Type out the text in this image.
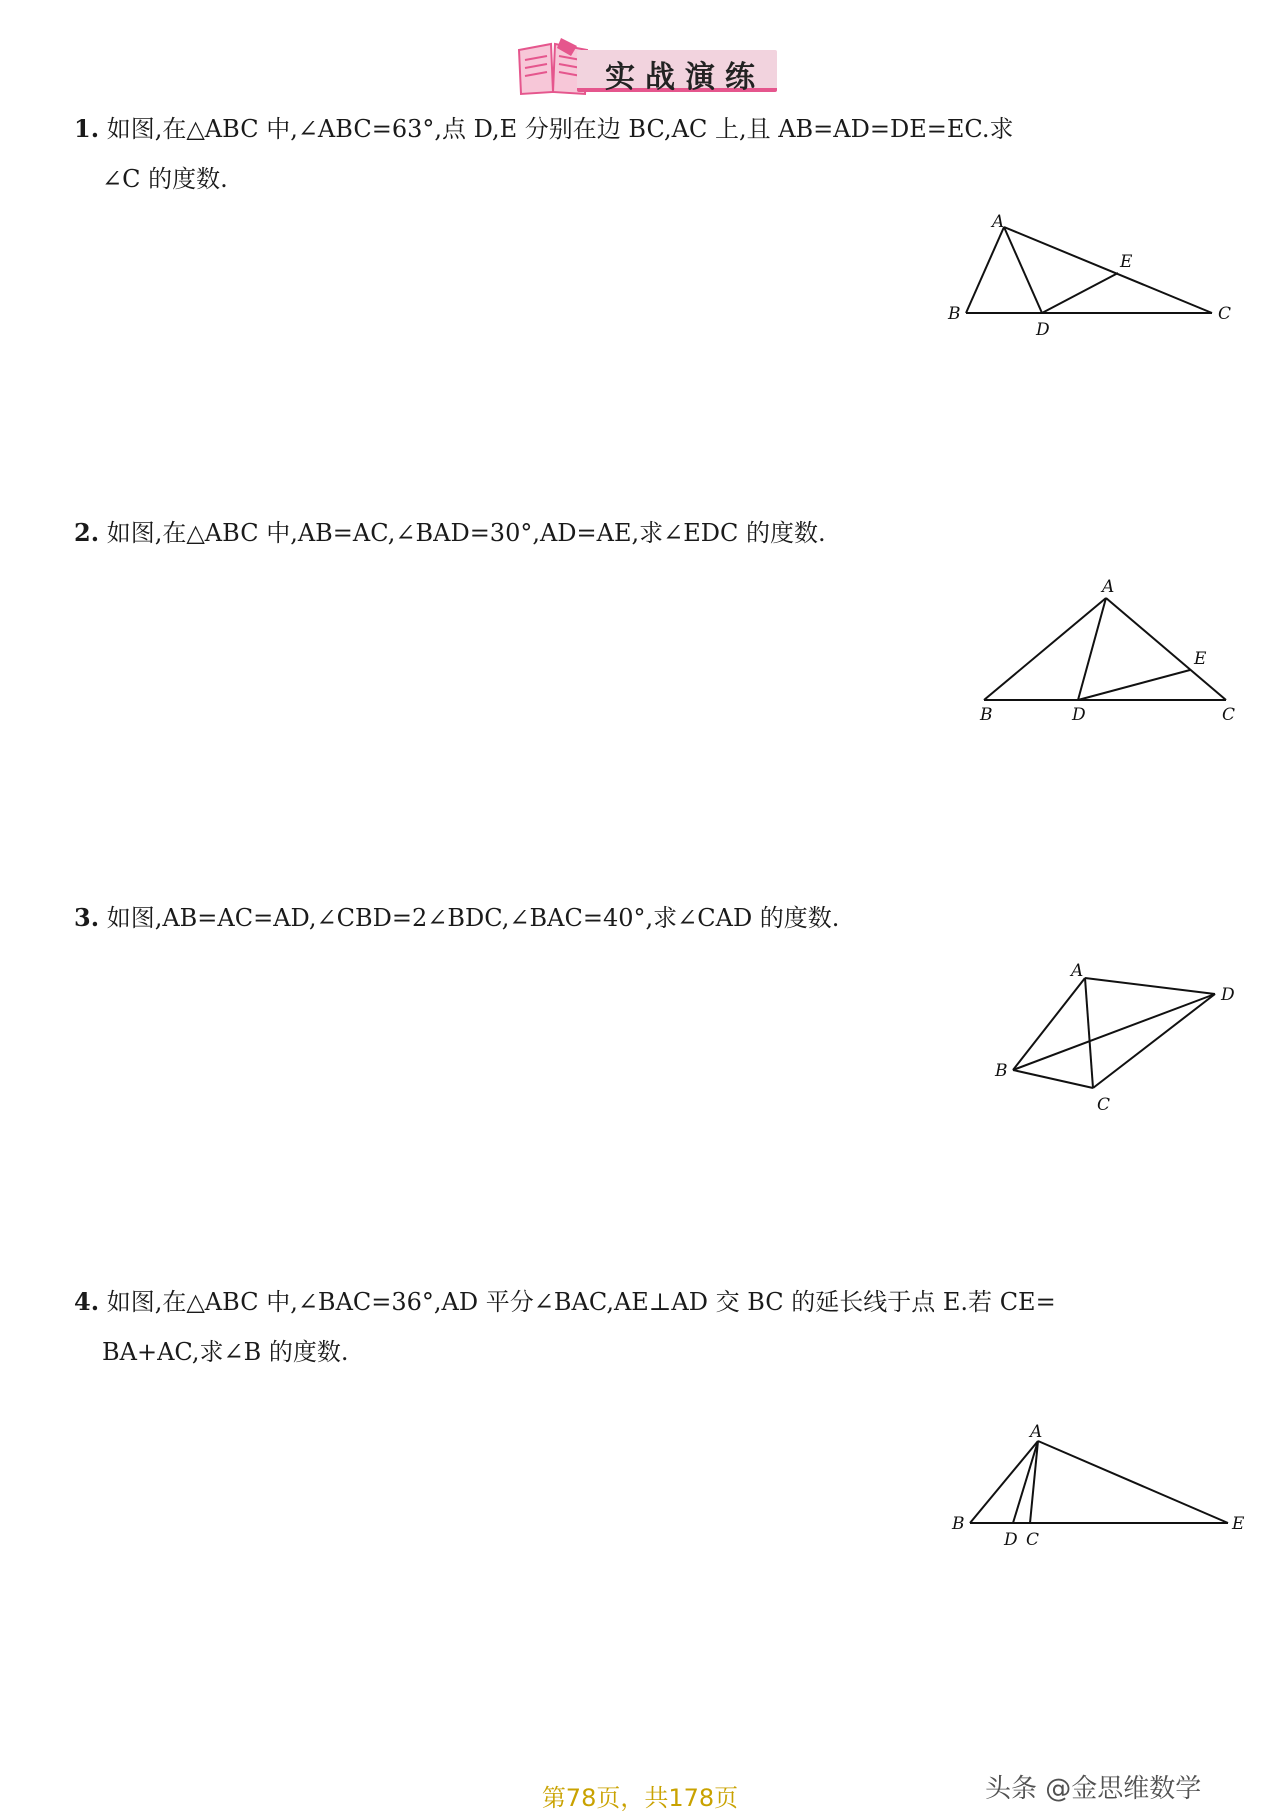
实战演练
1. 如图,在△ABC 中,∠ABC=63°,点 D,E 分别在边 BC,AC 上,且 AB=AD=DE=EC.求
∠C 的度数.
A
B	C
D
E
2. 如图,在△ABC 中,AB=AC,∠BAD=30°,AD=AE,求∠EDC 的度数.
A
B	C
D
E
3. 如图,AB=AC=AD,∠CBD=2∠BDC,∠BAC=40°,求∠CAD 的度数.
A
B
C
D
4. 如图,在△ABC 中,∠BAC=36°,AD 平分∠BAC,AE⊥AD 交 BC 的延长线于点 E.若 CE=
BA+AC,求∠B 的度数.
A
B
D C
E
头条 @金思维数学
第78页，共178页
